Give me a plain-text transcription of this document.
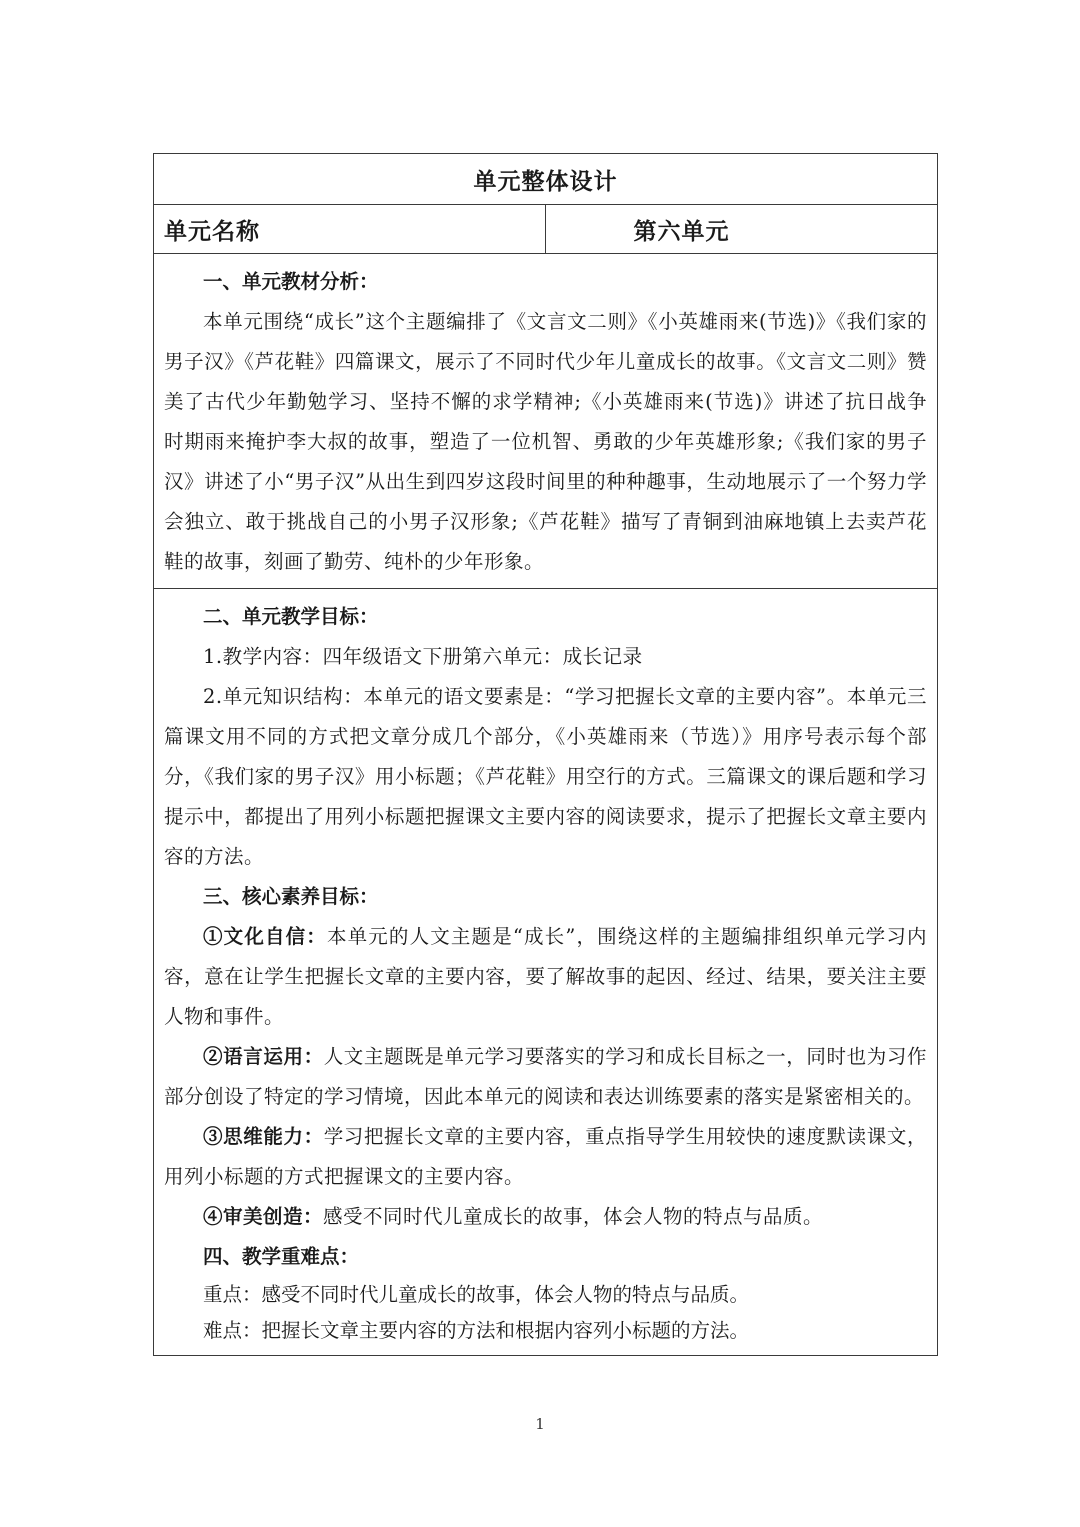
单元整体设计
单元名称	第六单元

一、单元教材分析：
本单元围绕“成长”这个主题编排了《文言文二则》《小英雄雨来(节选)》《我们家的男子汉》《芦花鞋》四篇课文，展示了不同时代少年儿童成长的故事。《文言文二则》赞美了古代少年勤勉学习、坚持不懈的求学精神;《小英雄雨来(节选)》讲述了抗日战争时期雨来掩护李大叔的故事，塑造了一位机智、勇敢的少年英雄形象;《我们家的男子汉》讲述了小“男子汉”从出生到四岁这段时间里的种种趣事，生动地展示了一个努力学会独立、敢于挑战自己的小男子汉形象;《芦花鞋》描写了青铜到油麻地镇上去卖芦花鞋的故事，刻画了勤劳、纯朴的少年形象。

二、单元教学目标：
1.教学内容：四年级语文下册第六单元：成长记录
2.单元知识结构：本单元的语文要素是：“学习把握长文章的主要内容”。本单元三篇课文用不同的方式把文章分成几个部分，《小英雄雨来（节选）》用序号表示每个部分，《我们家的男子汉》用小标题；《芦花鞋》用空行的方式。三篇课文的课后题和学习提示中，都提出了用列小标题把握课文主要内容的阅读要求，提示了把握长文章主要内容的方法。
三、核心素养目标：
①文化自信：本单元的人文主题是“成长”，围绕这样的主题编排组织单元学习内容，意在让学生把握长文章的主要内容，要了解故事的起因、经过、结果，要关注主要人物和事件。
②语言运用：人文主题既是单元学习要落实的学习和成长目标之一，同时也为习作部分创设了特定的学习情境，因此本单元的阅读和表达训练要素的落实是紧密相关的。
③思维能力：学习把握长文章的主要内容，重点指导学生用较快的速度默读课文，用列小标题的方式把握课文的主要内容。
④审美创造：感受不同时代儿童成长的故事，体会人物的特点与品质。
四、教学重难点：
重点：感受不同时代儿童成长的故事，体会人物的特点与品质。
难点：把握长文章主要内容的方法和根据内容列小标题的方法。
1
